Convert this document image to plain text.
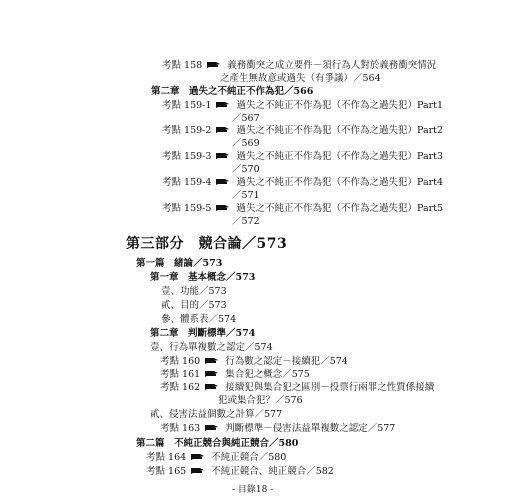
考點 158	義務衝突之成立要件－須行為人對於義務衝突情況
之產生無故意或過失（有爭議）／564
第二章　過失之不純正不作為犯／566
考點 159-1	過失之不純正不作為犯（不作為之過失犯）Part1
／567
考點 159-2	過失之不純正不作為犯（不作為之過失犯）Part2
／569
考點 159-3	過失之不純正不作為犯（不作為之過失犯）Part3
／570
考點 159-4	過失之不純正不作為犯（不作為之過失犯）Part4
／571
考點 159-5	過失之不純正不作為犯（不作為之過失犯）Part5
／572
第三部分　競合論／573
第一篇　緒論／573
第一章　基本概念／573
壹、功能／573
貳、目的／573
參、體系表／574
第二章　判斷標準／574
壹、行為單複數之認定／574
考點 160	行為數之認定－接續犯／574
考點 161	集合犯之概念／575
考點 162	接續犯與集合犯之區別－投票行兩罪之性質係接續
犯或集合犯？／576
貳、侵害法益個數之計算／577
考點 163	判斷標準－侵害法益單複數之認定／577
第二篇　不純正競合與純正競合／580
考點 164	不純正競合／580
考點 165	不純正競合、純正競合／582
- 目錄18 -
